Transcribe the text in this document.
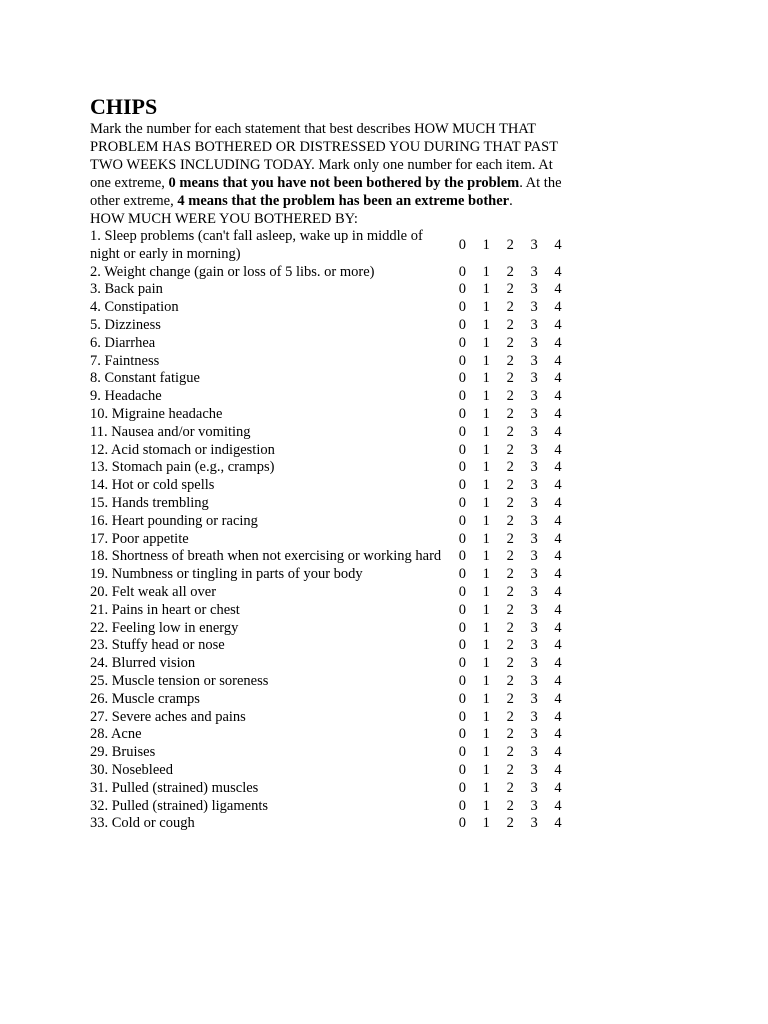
CHIPS

Mark the number for each statement that best describes HOW MUCH THAT PROBLEM HAS BOTHERED OR DISTRESSED YOU DURING THAT PAST TWO WEEKS INCLUDING TODAY. Mark only one number for each item. At one extreme, 0 means that you have not been bothered by the problem. At the other extreme, 4 means that the problem has been an extreme bother.

HOW MUCH WERE YOU BOTHERED BY:

1. Sleep problems (can't fall asleep, wake up in middle of night or early in morning)	0	1	2	3	4
2. Weight change (gain or loss of 5 libs. or more)	0	1	2	3	4
3. Back pain	0	1	2	3	4
4. Constipation	0	1	2	3	4
5. Dizziness	0	1	2	3	4
6. Diarrhea	0	1	2	3	4
7. Faintness	0	1	2	3	4
8. Constant fatigue	0	1	2	3	4
9. Headache	0	1	2	3	4
10. Migraine headache	0	1	2	3	4
11. Nausea and/or vomiting	0	1	2	3	4
12. Acid stomach or indigestion	0	1	2	3	4
13. Stomach pain (e.g., cramps)	0	1	2	3	4
14. Hot or cold spells	0	1	2	3	4
15. Hands trembling	0	1	2	3	4
16. Heart pounding or racing	0	1	2	3	4
17. Poor appetite	0	1	2	3	4
18. Shortness of breath when not exercising or working hard	0	1	2	3	4
19. Numbness or tingling in parts of your body	0	1	2	3	4
20. Felt weak all over	0	1	2	3	4
21. Pains in heart or chest	0	1	2	3	4
22. Feeling low in energy	0	1	2	3	4
23. Stuffy head or nose	0	1	2	3	4
24. Blurred vision	0	1	2	3	4
25. Muscle tension or soreness	0	1	2	3	4
26. Muscle cramps	0	1	2	3	4
27. Severe aches and pains	0	1	2	3	4
28. Acne	0	1	2	3	4
29. Bruises	0	1	2	3	4
30. Nosebleed	0	1	2	3	4
31. Pulled (strained) muscles	0	1	2	3	4
32. Pulled (strained) ligaments	0	1	2	3	4
33. Cold or cough	0	1	2	3	4
